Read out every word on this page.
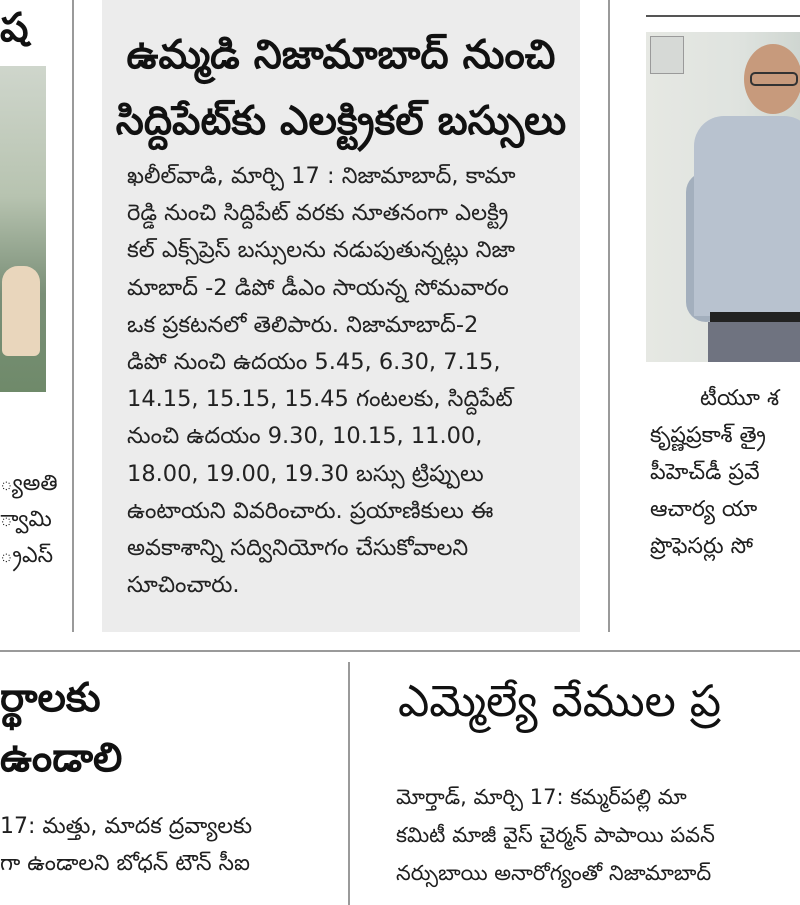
ష
్యఅతి
్వామి
్రఎస్
ఉమ్మడి నిజామాబాద్ నుంచి
సిద్దిపేట్‌కు ఎలక్ట్రికల్ బస్సులు
ఖలీల్‌వాడి, మార్చి 17 : నిజామాబాద్, కామా
రెడ్డి నుంచి సిద్దిపేట్ వరకు నూతనంగా ఎలక్ట్రి
కల్ ఎక్స్‌ప్రెస్ బస్సులను నడుపుతున్నట్లు నిజా
మాబాద్ -2 డిపో డీఎం సాయన్న సోమవారం
ఒక ప్రకటనలో తెలిపారు. నిజామాబాద్-2
డిపో నుంచి ఉదయం 5.45, 6.30, 7.15,
14.15, 15.15, 15.45 గంటలకు, సిద్దిపేట్
నుంచి ఉదయం 9.30, 10.15, 11.00,
18.00, 19.00, 19.30 బస్సు ట్రిప్పులు
ఉంటాయని వివరించారు. ప్రయాణికులు ఈ
అవకాశాన్ని సద్వినియోగం చేసుకోవాలని
సూచించారు.
టీయూ శ
కృష్ణప్రకాశ్ త్రై
పీహెచ్‌డీ ప్రవే
ఆచార్య యా
ప్రొఫెసర్లు సో
ర్థాలకు
ఉండాలి
17: మత్తు, మాదక ద్రవ్యాలకు
గా ఉండాలని బోధన్ టౌన్ సీఐ
ఎమ్మెల్యే వేముల ప్ర
మోర్తాడ్, మార్చి 17: కమ్మర్‌పల్లి మా
కమిటీ మాజీ వైస్ చైర్మన్ పాపాయి పవన్
నర్సుబాయి అనారోగ్యంతో నిజామాబాద్
